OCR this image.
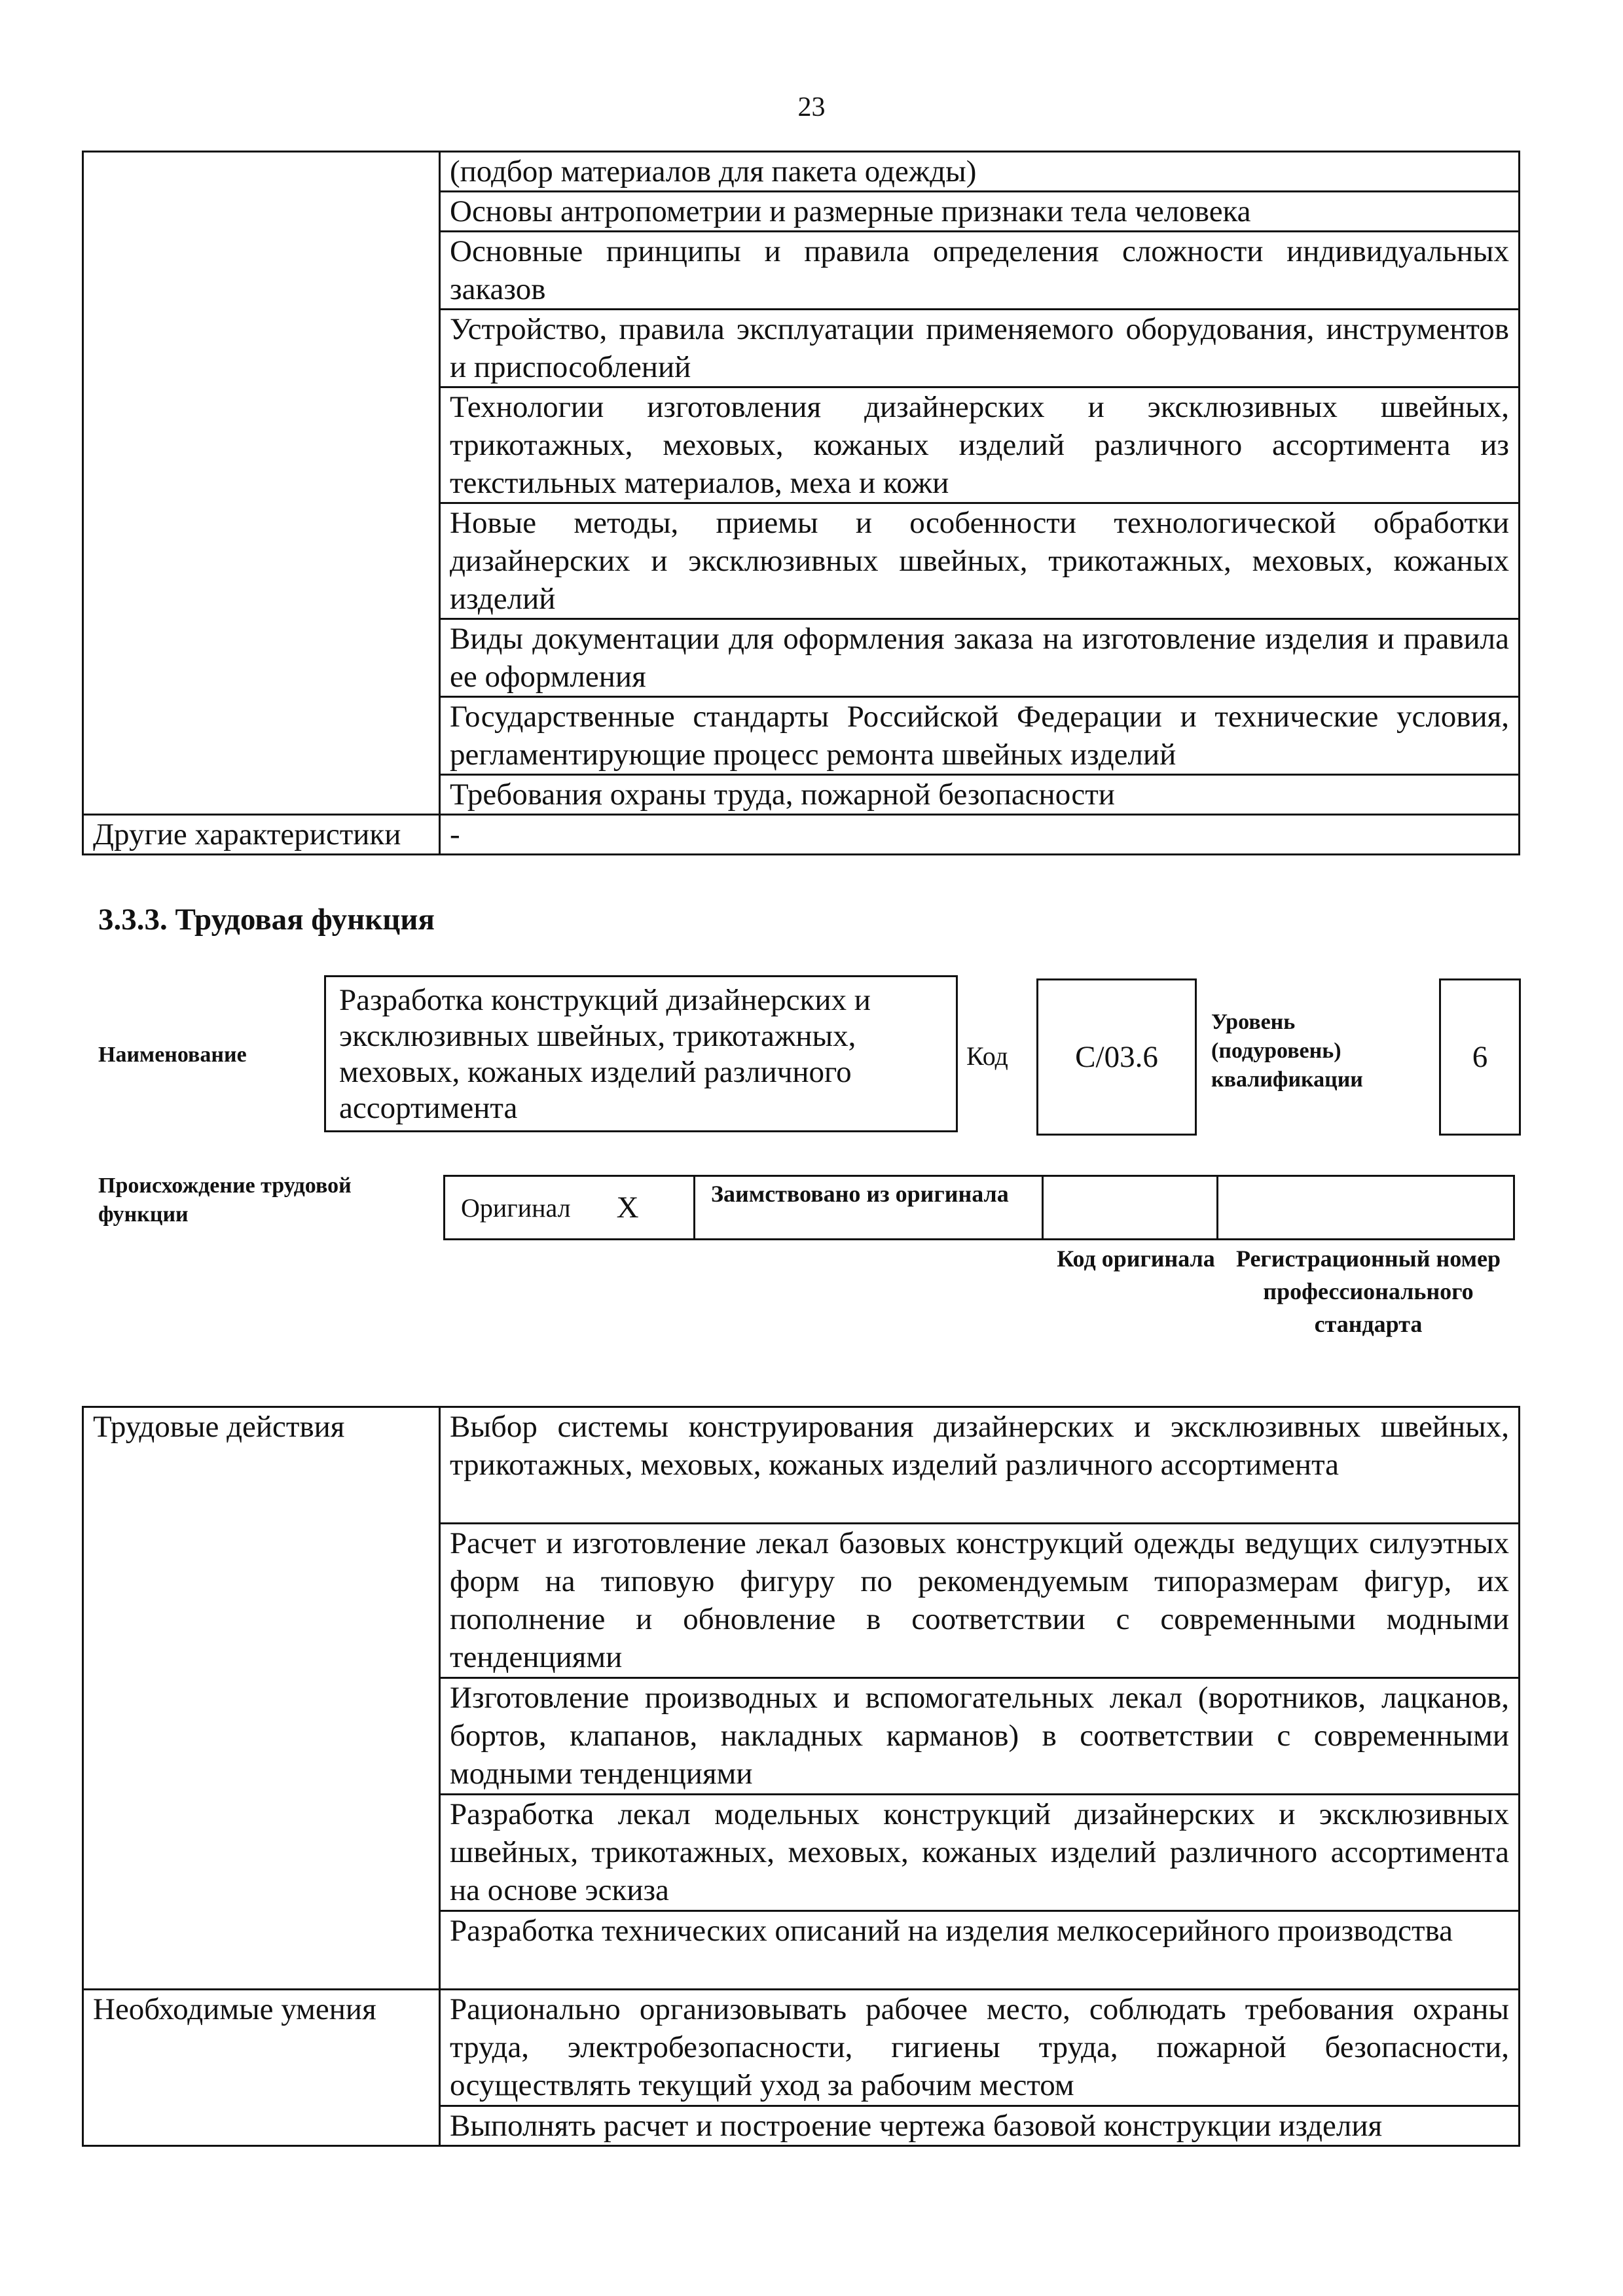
23
	(подбор материалов для пакета одежды)
	Основы антропометрии и размерные признаки тела человека
	Основные принципы и правила определения сложности индивидуальных заказов
	Устройство, правила эксплуатации применяемого оборудования, инструментов и приспособлений
	Технологии изготовления дизайнерских и эксклюзивных швейных, трикотажных, меховых, кожаных изделий различного ассортимента из текстильных материалов, меха и кожи
	Новые методы, приемы и особенности технологической обработки дизайнерских и эксклюзивных швейных, трикотажных, меховых, кожаных изделий
	Виды документации для оформления заказа на изготовление изделия и правила ее оформления
	Государственные стандарты Российской Федерации и технические условия, регламентирующие процесс ремонта швейных изделий
	Требования охраны труда, пожарной безопасности
Другие характеристики	-
3.3.3. Трудовая функция
Наименование
Разработка конструкций дизайнерских и эксклюзивных швейных, трикотажных, меховых, кожаных изделий различного ассортимента
Код С/03.6
Уровень (подуровень) квалификации
6
Происхождение трудовой функции	Оригинал X	Заимствовано из оригинала
Код оригинала Регистрационный номер профессионального стандарта
Трудовые действия	Выбор системы конструирования дизайнерских и эксклюзивных швейных, трикотажных, меховых, кожаных изделий различного ассортимента
	Расчет и изготовление лекал базовых конструкций одежды ведущих силуэтных форм на типовую фигуру по рекомендуемым типоразмерам фигур, их пополнение и обновление в соответствии с современными модными тенденциями
	Изготовление производных и вспомогательных лекал (воротников, лацканов, бортов, клапанов, накладных карманов) в соответствии с современными модными тенденциями
	Разработка лекал модельных конструкций дизайнерских и эксклюзивных швейных, трикотажных, меховых, кожаных изделий различного ассортимента на основе эскиза
	Разработка технических описаний на изделия мелкосерийного производства
Необходимые умения	Рационально организовывать рабочее место, соблюдать требования охраны труда, электробезопасности, гигиены труда, пожарной безопасности, осуществлять текущий уход за рабочим местом
	Выполнять расчет и построение чертежа базовой конструкции изделия
